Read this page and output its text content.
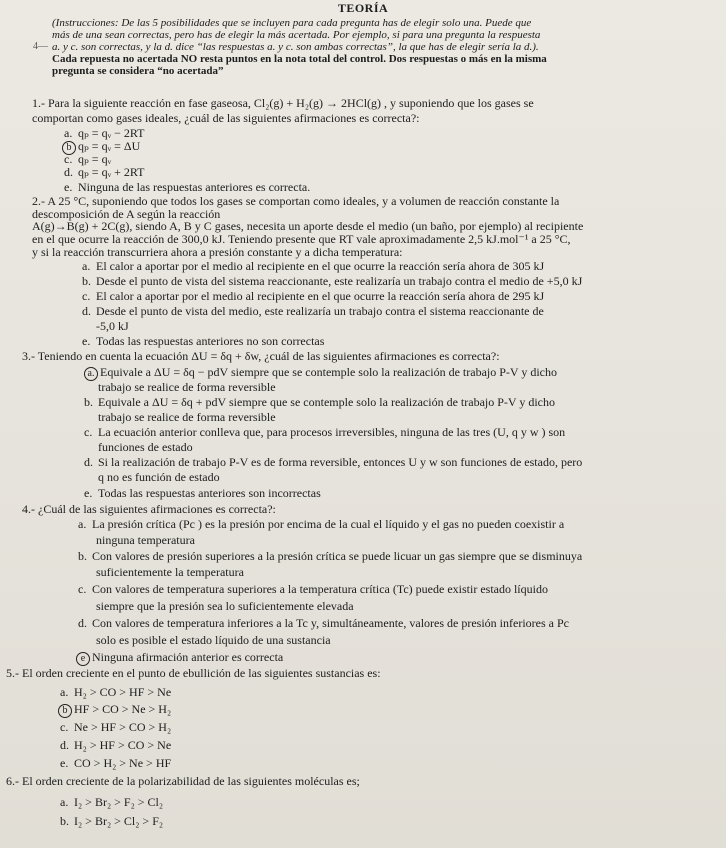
TEORÍA
4—
(Instrucciones: De las 5 posibilidades que se incluyen para cada pregunta has de elegir solo una. Puede que
más de una sean correctas, pero has de elegir la más acertada. Por ejemplo, si para una pregunta la respuesta
a. y c. son correctas, y la d. dice “las respuestas a. y c. son ambas correctas”, la que has de elegir sería la d.).
Cada repuesta no acertada NO resta puntos en la nota total del control. Dos respuestas o más en la misma
pregunta se considera “no acertada”
1.- Para la siguiente reacción en fase gaseosa, Cl₂(g) + H₂(g) → 2HCl(g) , y suponiendo que los gases se
comportan como gases ideales, ¿cuál de las siguientes afirmaciones es correcta?:
a. qₚ = qᵥ − 2RT
b qₚ = qᵥ = ΔU
c. qₚ = qᵥ
d. qₚ = qᵥ + 2RT
e. Ninguna de las respuestas anteriores es correcta.
2.- A 25 °C, suponiendo que todos los gases se comportan como ideales, y a volumen de reacción constante la
descomposición de A según la reacción
A(g)→B(g) + 2C(g), siendo A, B y C gases, necesita un aporte desde el medio (un baño, por ejemplo) al recipiente
en el que ocurre la reacción de 300,0 kJ. Teniendo presente que RT vale aproximadamente 2,5 kJ.mol⁻¹ a 25 °C,
y si la reacción transcurriera ahora a presión constante y a dicha temperatura:
a. El calor a aportar por el medio al recipiente en el que ocurre la reacción sería ahora de 305 kJ
b. Desde el punto de vista del sistema reaccionante, este realizaría un trabajo contra el medio de +5,0 kJ
c. El calor a aportar por el medio al recipiente en el que ocurre la reacción sería ahora de 295 kJ
d. Desde el punto de vista del medio, este realizaría un trabajo contra el sistema reaccionante de
-5,0 kJ
e. Todas las respuestas anteriores no son correctas
3.- Teniendo en cuenta la ecuación ΔU = δq + δw, ¿cuál de las siguientes afirmaciones es correcta?:
a. Equivale a ΔU = δq − pdV siempre que se contemple solo la realización de trabajo P-V y dicho
trabajo se realice de forma reversible
b. Equivale a ΔU = δq + pdV siempre que se contemple solo la realización de trabajo P-V y dicho
trabajo se realice de forma reversible
c. La ecuación anterior conlleva que, para procesos irreversibles, ninguna de las tres (U, q y w ) son
funciones de estado
d. Si la realización de trabajo P-V es de forma reversible, entonces U y w son funciones de estado, pero
q no es función de estado
e. Todas las respuestas anteriores son incorrectas
4.- ¿Cuál de las siguientes afirmaciones es correcta?:
a. La presión crítica (Pc ) es la presión por encima de la cual el líquido y el gas no pueden coexistir a
ninguna temperatura
b. Con valores de presión superiores a la presión crítica se puede licuar un gas siempre que se disminuya
suficientemente la temperatura
c. Con valores de temperatura superiores a la temperatura crítica (Tc) puede existir estado líquido
siempre que la presión sea lo suficientemente elevada
d. Con valores de temperatura inferiores a la Tc y, simultáneamente, valores de presión inferiores a Pc
solo es posible el estado líquido de una sustancia
e Ninguna afirmación anterior es correcta
5.- El orden creciente en el punto de ebullición de las siguientes sustancias es:
a. H₂ > CO > HF > Ne
b HF > CO > Ne > H₂
c. Ne > HF > CO > H₂
d. H₂ > HF > CO > Ne
e. CO > H₂ > Ne > HF
6.- El orden creciente de la polarizabilidad de las siguientes moléculas es;
a. I₂ > Br₂ > F₂ > Cl₂
b. I₂ > Br₂ > Cl₂ > F₂
